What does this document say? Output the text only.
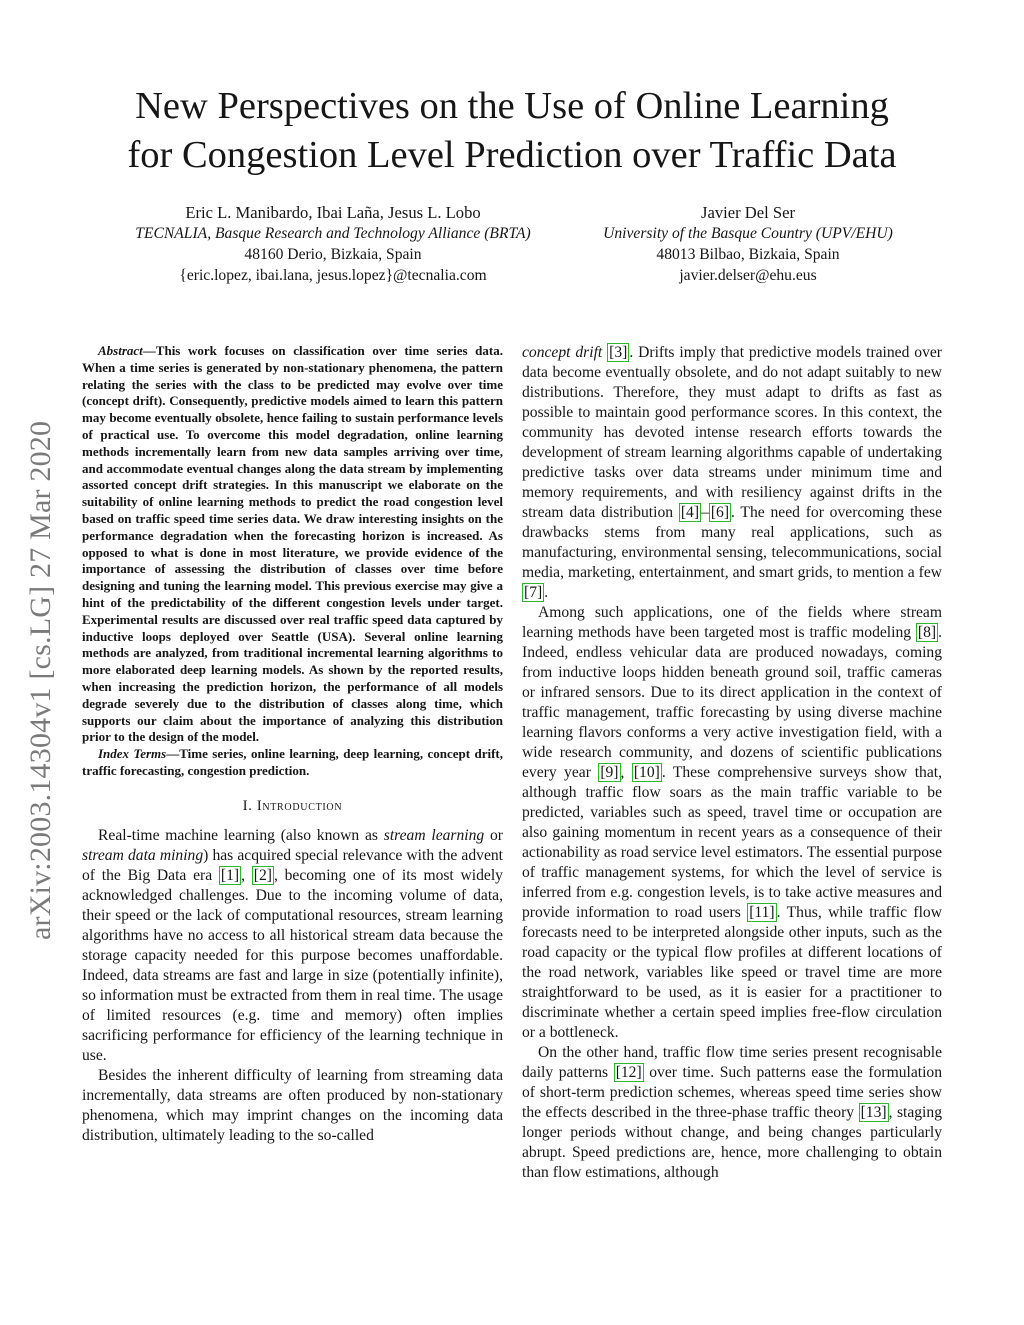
arXiv:2003.14304v1 [cs.LG] 27 Mar 2020
New Perspectives on the Use of Online Learning
for Congestion Level Prediction over Traffic Data
Eric L. Manibardo, Ibai Laña, Jesus L. Lobo
TECNALIA, Basque Research and Technology Alliance (BRTA)
48160 Derio, Bizkaia, Spain
{eric.lopez, ibai.lana, jesus.lopez}@tecnalia.com
Javier Del Ser
University of the Basque Country (UPV/EHU)
48013 Bilbao, Bizkaia, Spain
javier.delser@ehu.eus

Abstract—This work focuses on classification over time series data. When a time series is generated by non-stationary phenomena, the pattern relating the series with the class to be predicted may evolve over time (concept drift). Consequently, predictive models aimed to learn this pattern may become eventually obsolete, hence failing to sustain performance levels of practical use. To overcome this model degradation, online learning methods incrementally learn from new data samples arriving over time, and accommodate eventual changes along the data stream by implementing assorted concept drift strategies. In this manuscript we elaborate on the suitability of online learning methods to predict the road congestion level based on traffic speed time series data. We draw interesting insights on the performance degradation when the forecasting horizon is increased. As opposed to what is done in most literature, we provide evidence of the importance of assessing the distribution of classes over time before designing and tuning the learning model. This previous exercise may give a hint of the predictability of the different congestion levels under target. Experimental results are discussed over real traffic speed data captured by inductive loops deployed over Seattle (USA). Several online learning methods are analyzed, from traditional incremental learning algorithms to more elaborated deep learning models. As shown by the reported results, when increasing the prediction horizon, the performance of all models degrade severely due to the distribution of classes along time, which supports our claim about the importance of analyzing this distribution prior to the design of the model.

Index Terms—Time series, online learning, deep learning, concept drift, traffic forecasting, congestion prediction.

I. Introduction

Real-time machine learning (also known as stream learning or stream data mining) has acquired special relevance with the advent of the Big Data era [1] , [2] , becoming one of its most widely acknowledged challenges. Due to the incoming volume of data, their speed or the lack of computational resources, stream learning algorithms have no access to all historical stream data because the storage capacity needed for this purpose becomes unaffordable. Indeed, data streams are fast and large in size (potentially infinite), so information must be extracted from them in real time. The usage of limited resources (e.g. time and memory) often implies sacrificing performance for efficiency of the learning technique in use.

Besides the inherent difficulty of learning from streaming data incrementally, data streams are often produced by non-stationary phenomena, which may imprint changes on the incoming data distribution, ultimately leading to the so-called

concept drift [3] . Drifts imply that predictive models trained over data become eventually obsolete, and do not adapt suitably to new distributions. Therefore, they must adapt to drifts as fast as possible to maintain good performance scores. In this context, the community has devoted intense research efforts towards the development of stream learning algorithms capable of undertaking predictive tasks over data streams under minimum time and memory requirements, and with resiliency against drifts in the stream data distribution [4] – [6] . The need for overcoming these drawbacks stems from many real applications, such as manufacturing, environmental sensing, telecommunications, social media, marketing, entertainment, and smart grids, to mention a few [7] .

Among such applications, one of the fields where stream learning methods have been targeted most is traffic modeling [8] . Indeed, endless vehicular data are produced nowadays, coming from inductive loops hidden beneath ground soil, traffic cameras or infrared sensors. Due to its direct application in the context of traffic management, traffic forecasting by using diverse machine learning flavors conforms a very active investigation field, with a wide research community, and dozens of scientific publications every year [9] , [10] . These comprehensive surveys show that, although traffic flow soars as the main traffic variable to be predicted, variables such as speed, travel time or occupation are also gaining momentum in recent years as a consequence of their actionability as road service level estimators. The essential purpose of traffic management systems, for which the level of service is inferred from e.g. congestion levels, is to take active measures and provide information to road users [11] . Thus, while traffic flow forecasts need to be interpreted alongside other inputs, such as the road capacity or the typical flow profiles at different locations of the road network, variables like speed or travel time are more straightforward to be used, as it is easier for a practitioner to discriminate whether a certain speed implies free-flow circulation or a bottleneck.

On the other hand, traffic flow time series present recognisable daily patterns [12] over time. Such patterns ease the formulation of short-term prediction schemes, whereas speed time series show the effects described in the three-phase traffic theory [13] , staging longer periods without change, and being changes particularly abrupt. Speed predictions are, hence, more challenging to obtain than flow estimations, although
